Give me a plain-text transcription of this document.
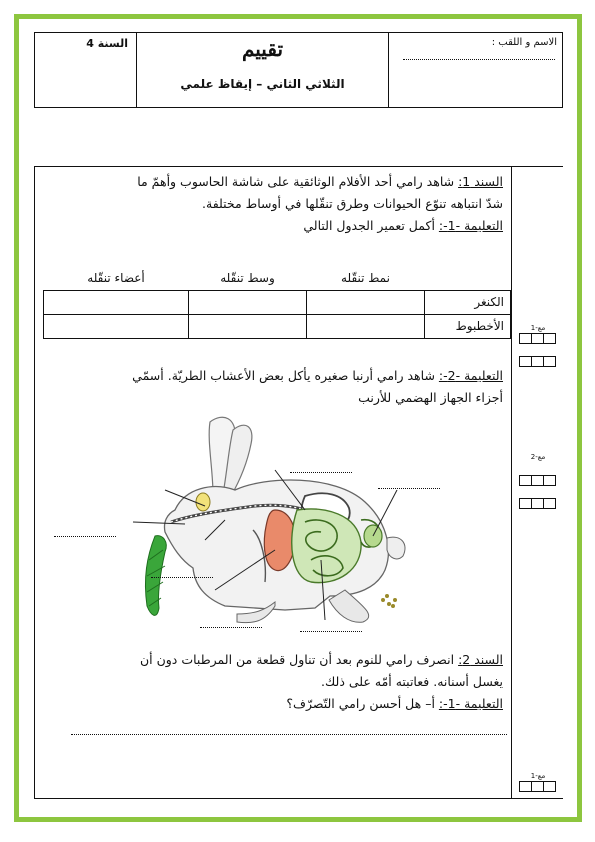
السنة 4	تقييم
الثلاثي الثاني – إيقاظ علمي
الاسم و اللقب :
السند 1: شاهد رامي أحد الأفلام الوثائقية على شاشة الحاسوب وأهمّ ما
شدّ انتباهه تنوّع الحيوانات وطرق تنقّلها في أوساط مختلفة.
التعليمة -1-: أكمل تعمير الجدول التالي
	نمط تنقّله	وسط تنقّله	أعضاء تنقّله
الكنغر			
الأخطبوط			
التعليمة -2-: شاهد رامي أرنبا صغيره يأكل بعض الأعشاب الطريّة. أسمّي
أجزاء الجهاز الهضمي للأرنب
السند 2: انصرف رامي للنوم بعد أن تناول قطعة من المرطبات دون أن
يغسل أسنانه. فعاتبته أمّه على ذلك.
التعليمة -1-: أ– هل أحسن رامي التّصرّف؟
مع-1
مع-2
مع-1
